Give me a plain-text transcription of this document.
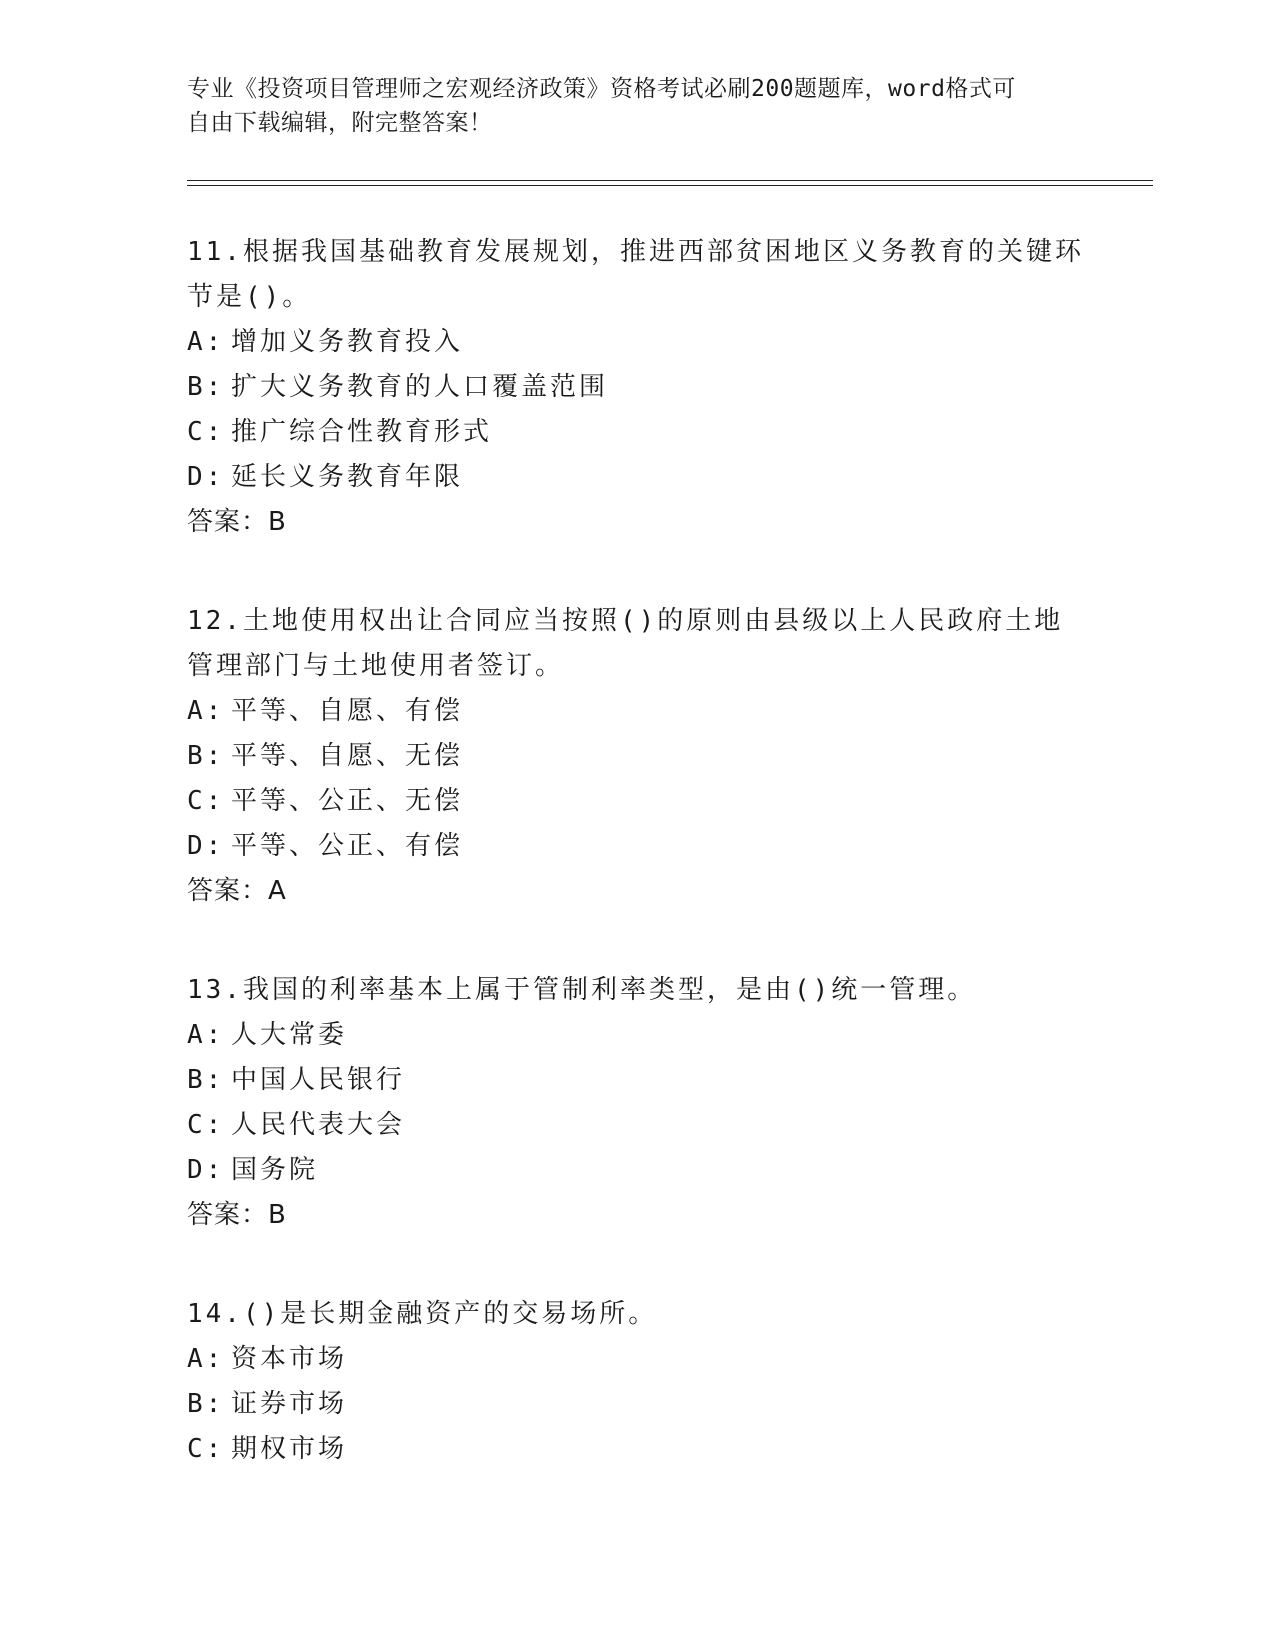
专业《投资项目管理师之宏观经济政策》资格考试必刷200题题库，word格式可
自由下载编辑，附完整答案！
11.根据我国基础教育发展规划，推进西部贫困地区义务教育的关键环节是()。
A: 增加义务教育投入
B: 扩大义务教育的人口覆盖范围
C: 推广综合性教育形式
D: 延长义务教育年限
答案：B
12.土地使用权出让合同应当按照()的原则由县级以上人民政府土地管理部门与土地使用者签订。
A: 平等、自愿、有偿
B: 平等、自愿、无偿
C: 平等、公正、无偿
D: 平等、公正、有偿
答案：A
13.我国的利率基本上属于管制利率类型，是由()统一管理。
A: 人大常委
B: 中国人民银行
C: 人民代表大会
D: 国务院
答案：B
14.()是长期金融资产的交易场所。
A: 资本市场
B: 证券市场
C: 期权市场
